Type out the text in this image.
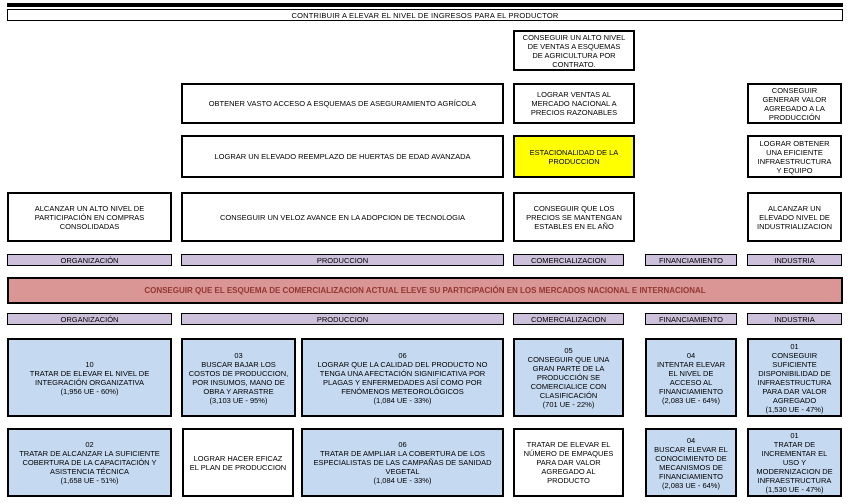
CONTRIBUIR A ELEVAR EL NIVEL DE INGRESOS PARA EL PRODUCTOR
CONSEGUIR UN ALTO NIVEL DE VENTAS A ESQUEMAS DE AGRICULTURA POR CONTRATO.
OBTENER VASTO ACCESO A ESQUEMAS DE ASEGURAMIENTO AGRÍCOLA
LOGRAR VENTAS AL MERCADO NACIONAL A PRECIOS RAZONABLES
CONSEGUIR GENERAR VALOR AGREGADO A LA PRODUCCIÓN
LOGRAR UN ELEVADO REEMPLAZO DE HUERTAS DE EDAD AVANZADA	ESTACIONALIDAD DE LA PRODUCCION
LOGRAR OBTENER UNA EFICIENTE INFRAESTRUCTURA Y EQUIPO
ALCANZAR UN ALTO NIVEL DE PARTICIPACIÓN EN COMPRAS CONSOLIDADAS
CONSEGUIR UN VELOZ AVANCE EN LA ADOPCION DE TECNOLOGIA
CONSEGUIR QUE LOS PRECIOS SE MANTENGAN ESTABLES EN EL AÑO
ALCANZAR UN ELEVADO NIVEL DE INDUSTRIALIZACION
ORGANIZACIÓN	PRODUCCION	COMERCIALIZACION	FINANCIAMIENTO	INDUSTRIA
CONSEGUIR QUE EL ESQUEMA DE COMERCIALIZACION ACTUAL ELEVE SU PARTICIPACIÓN EN LOS MERCADOS NACIONAL E INTERNACIONAL
ORGANIZACIÓN	PRODUCCION	COMERCIALIZACION	FINANCIAMIENTO	INDUSTRIA
10
TRATAR DE ELEVAR EL NIVEL DE INTEGRACIÓN ORGANIZATIVA
(1,956 UE - 60%)
03
BUSCAR BAJAR LOS COSTOS DE PRODUCCION, POR INSUMOS, MANO DE OBRA Y ARRASTRE
(3,103 UE - 95%)
06
LOGRAR QUE LA CALIDAD DEL PRODUCTO NO TENGA UNA AFECTACIÓN SIGNIFICATIVA POR PLAGAS Y ENFERMEDADES ASÍ COMO POR FENÓMENOS METEOROLÓGICOS
(1,084 UE - 33%)
05
CONSEGUIR QUE UNA GRAN PARTE DE LA PRODUCCIÓN SE COMERCIALICE CON CLASIFICACIÓN
(701 UE - 22%)
04
INTENTAR ELEVAR EL NIVEL DE ACCESO AL FINANCIAMIENTO
(2,083 UE - 64%)
01
CONSEGUIR SUFICIENTE DISPONIBILIDAD DE INFRAESTRUCTURA PARA DAR VALOR AGREGADO
(1,530 UE - 47%)
02
TRATAR DE ALCANZAR LA SUFICIENTE COBERTURA DE LA CAPACITACIÓN Y ASISTENCIA TÉCNICA
(1,658 UE - 51%)
LOGRAR HACER EFICAZ EL PLAN DE PRODUCCION
06
TRATAR DE AMPLIAR LA COBERTURA DE LOS ESPECIALISTAS DE LAS CAMPAÑAS DE SANIDAD VEGETAL
(1,084 UE - 33%)
TRATAR DE ELEVAR EL NÚMERO DE EMPAQUES PARA DAR VALOR AGREGADO AL PRODUCTO
04
BUSCAR ELEVAR EL CONOCIMIENTO DE MECANISMOS DE FINANCIAMIENTO
(2,083 UE - 64%)
01
TRATAR DE INCREMENTAR EL USO Y MODERNIZACION DE INFRAESTRUCTURA
(1,530 UE - 47%)
